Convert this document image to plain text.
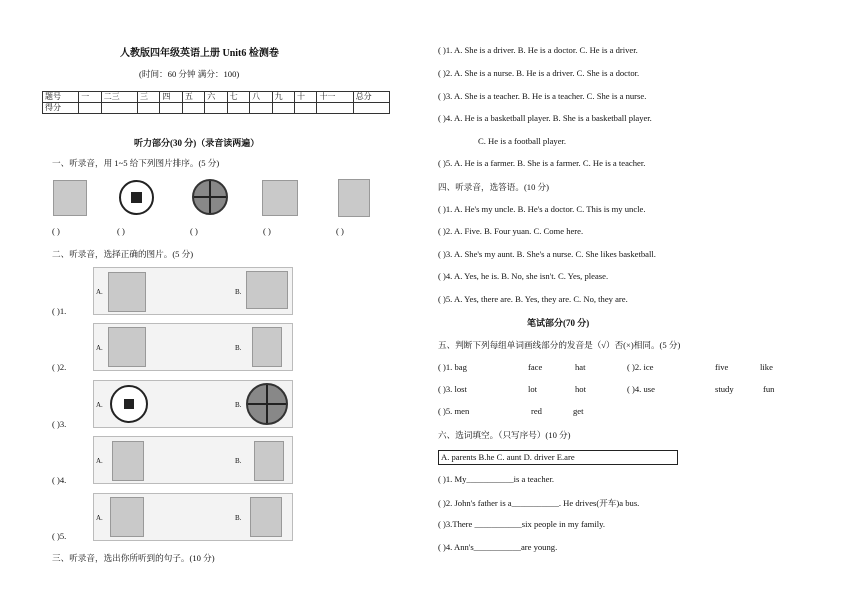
人教版四年级英语上册 Unit6 检测卷
(时间：60 分钟 满分：100)
题号	一	二三	三	四	五	六	七	八	九	十	十一	总分
得分												
听力部分(30 分)（录音读两遍）
一、听录音，用 1~5 给下列图片排序。(5 分)
( )	( )	( )	( )	( )
二、听录音，选择正确的图片。(5 分)
( )1.
( )2.
( )3.
( )4.
( )5.
A.	B.
A.	B.
A.	B.
A.	B.
A.	B.
三、听录音，选出你所听到的句子。(10 分)
( )1. A. She is a driver. B. He is a doctor. C. He is a driver.
( )2. A. She is a nurse. B. He is a driver. C. She is a doctor.
( )3. A. She is a teacher. B. He is a teacher. C. She is a nurse.
( )4. A. He is a basketball player. B. She is a basketball player.
C. He is a football player.
( )5. A. He is a farmer. B. She is a farmer. C. He is a teacher.
四、听录音，选答语。(10 分)
( )1. A. He's my uncle. B. He's a doctor. C. This is my uncle.
( )2. A. Five. B. Four yuan. C. Come here.
( )3. A. She's my aunt. B. She's a nurse. C. She likes basketball.
( )4. A. Yes, he is. B. No, she isn't. C. Yes, please.
( )5. A. Yes, there are. B. Yes, they are. C. No, they are.
笔试部分(70 分)
五、判断下列每组单词画线部分的发音是（√）否(×)相同。(5 分)
( )1. bag	face	hat	( )2. ice	five	like
( )3. lost	lot	hot	( )4. use	study	fun
( )5. men	red	get
六、选词填空。（只写序号）(10 分)
A. parents B.he C. aunt D. driver E.are
( )1. My___________is a teacher.
( )2. John's father is a___________. He drives(开车)a bus.
( )3.There ___________six people in my family.
( )4. Ann's___________are young.
